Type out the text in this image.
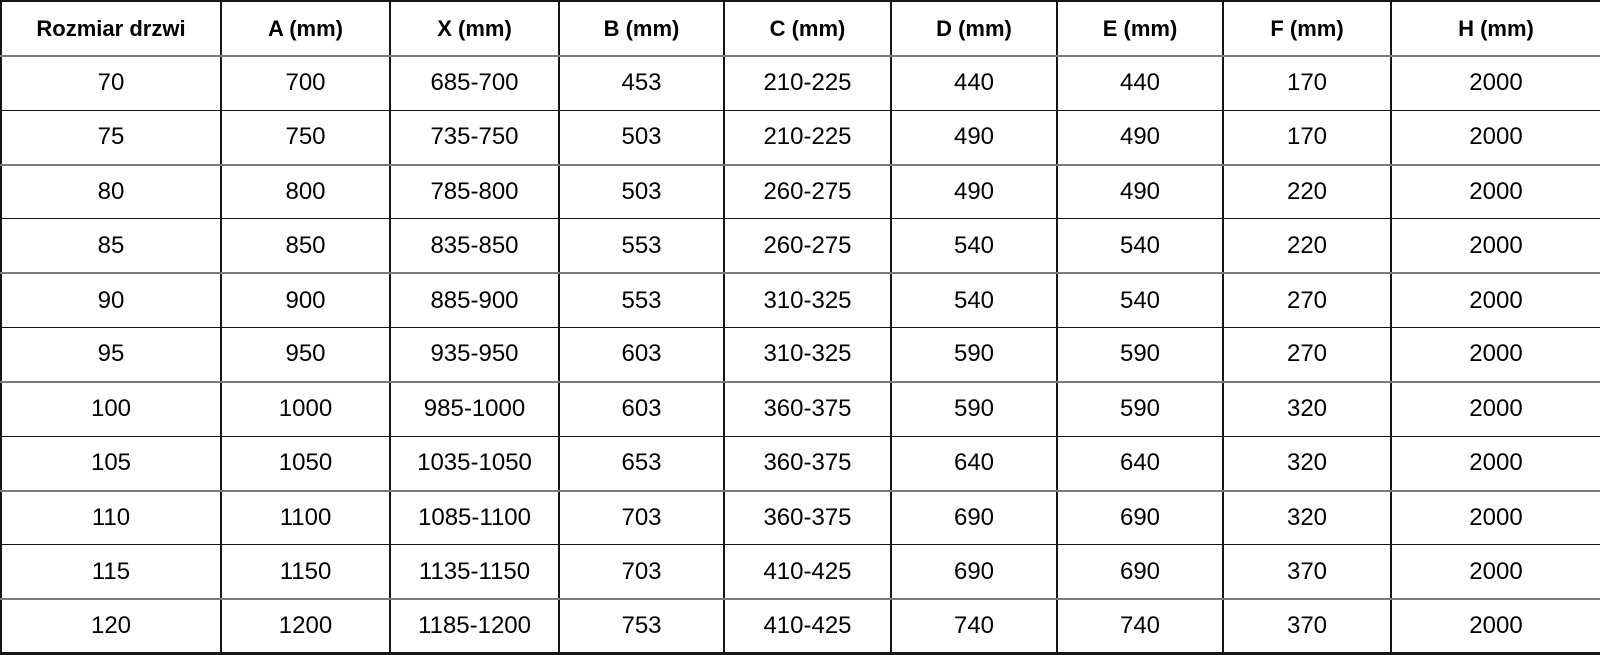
Rozmiar drzwi	A (mm)	X (mm)	B (mm)	C (mm)	D (mm)	E (mm)	F (mm)	H (mm)
70	700	685-700	453	210-225	440	440	170	2000
75	750	735-750	503	210-225	490	490	170	2000
80	800	785-800	503	260-275	490	490	220	2000
85	850	835-850	553	260-275	540	540	220	2000
90	900	885-900	553	310-325	540	540	270	2000
95	950	935-950	603	310-325	590	590	270	2000
100	1000	985-1000	603	360-375	590	590	320	2000
105	1050	1035-1050	653	360-375	640	640	320	2000
110	1100	1085-1100	703	360-375	690	690	320	2000
115	1150	1135-1150	703	410-425	690	690	370	2000
120	1200	1185-1200	753	410-425	740	740	370	2000
